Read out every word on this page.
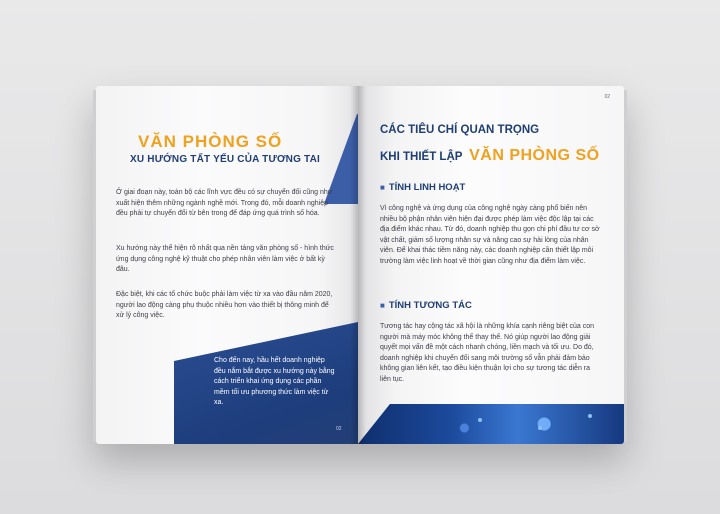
VĂN PHÒNG SỐ
XU HƯỚNG TẤT YẾU CỦA TƯƠNG TAI

Ở giai đoạn này, toàn bộ các lĩnh vực đều có sự chuyển đổi cũng như xuất hiện thêm những ngành nghề mới. Trong đó, mỗi doanh nghiệp đều phải tự chuyển đổi từ bên trong để đáp ứng quá trình số hóa.

Xu hướng này thể hiện rõ nhất qua nền tảng văn phòng số - hình thức ứng dụng công nghệ kỹ thuật cho phép nhân viên làm việc ở bất kỳ đâu.

Đặc biệt, khi các tổ chức buộc phải làm việc từ xa vào đầu năm 2020, người lao động càng phụ thuộc nhiều hơn vào thiết bị thông minh để xử lý công việc.

Cho đến nay, hầu hết doanh nghiệp đều nắm bắt được xu hướng này bằng cách triển khai ứng dụng các phần mềm tối ưu phương thức làm việc từ xa.

02

02

CÁC TIÊU CHÍ QUAN TRỌNG
KHI THIẾT LẬP VĂN PHÒNG SỐ
■ TÍNH LINH HOẠT

Vì công nghệ và ứng dụng của công nghệ ngày càng phổ biến nên nhiều bộ phận nhân viên hiện đại được phép làm việc độc lập tại các địa điểm khác nhau. Từ đó, doanh nghiệp thu gọn chi phí đầu tư cơ sở vật chất, giảm số lượng nhân sự và nâng cao sự hài lòng của nhân viên. Để khai thác tiềm năng này, các doanh nghiệp cần thiết lập môi trường làm việc linh hoạt về thời gian cũng như địa điểm làm việc.

■ TÍNH TƯƠNG TÁC

Tương tác hay cộng tác xã hội là những khía cạnh riêng biệt của con người mà máy móc không thể thay thế. Nó giúp người lao động giải quyết mọi vấn đề một cách nhanh chóng, liền mạch và tối ưu. Do đó, doanh nghiệp khi chuyển đổi sang môi trường số vẫn phải đảm bảo không gian liên kết, tạo điều kiện thuận lợi cho sự tương tác diễn ra liên tục.
